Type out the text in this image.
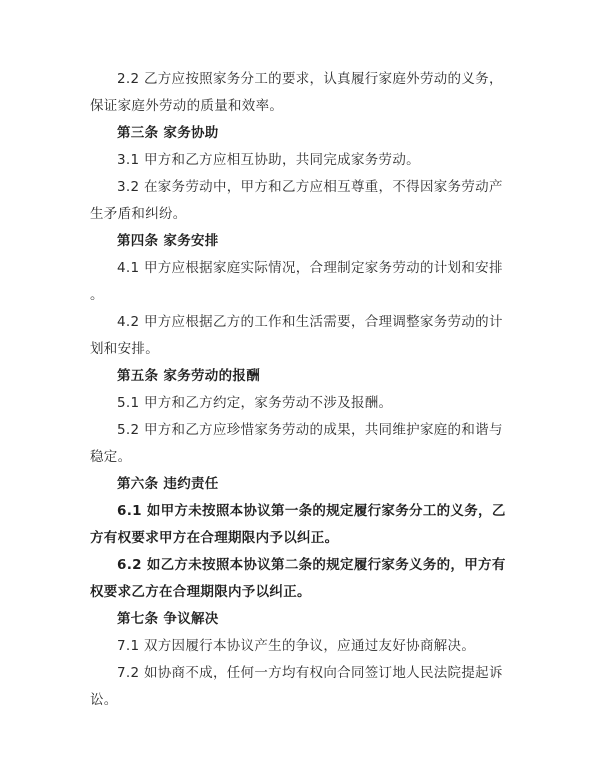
2.2 乙方应按照家务分工的要求，认真履行家庭外劳动的义务，
保证家庭外劳动的质量和效率。
第三条 家务协助
3.1 甲方和乙方应相互协助，共同完成家务劳动。
3.2 在家务劳动中，甲方和乙方应相互尊重，不得因家务劳动产
生矛盾和纠纷。
第四条 家务安排
4.1 甲方应根据家庭实际情况，合理制定家务劳动的计划和安排
。
4.2 甲方应根据乙方的工作和生活需要，合理调整家务劳动的计
划和安排。
第五条 家务劳动的报酬
5.1 甲方和乙方约定，家务劳动不涉及报酬。
5.2 甲方和乙方应珍惜家务劳动的成果，共同维护家庭的和谐与
稳定。
第六条 违约责任
6.1 如甲方未按照本协议第一条的规定履行家务分工的义务，乙
方有权要求甲方在合理期限内予以纠正。
6.2 如乙方未按照本协议第二条的规定履行家务义务的，甲方有
权要求乙方在合理期限内予以纠正。
第七条 争议解决
7.1 双方因履行本协议产生的争议，应通过友好协商解决。
7.2 如协商不成，任何一方均有权向合同签订地人民法院提起诉
讼。
